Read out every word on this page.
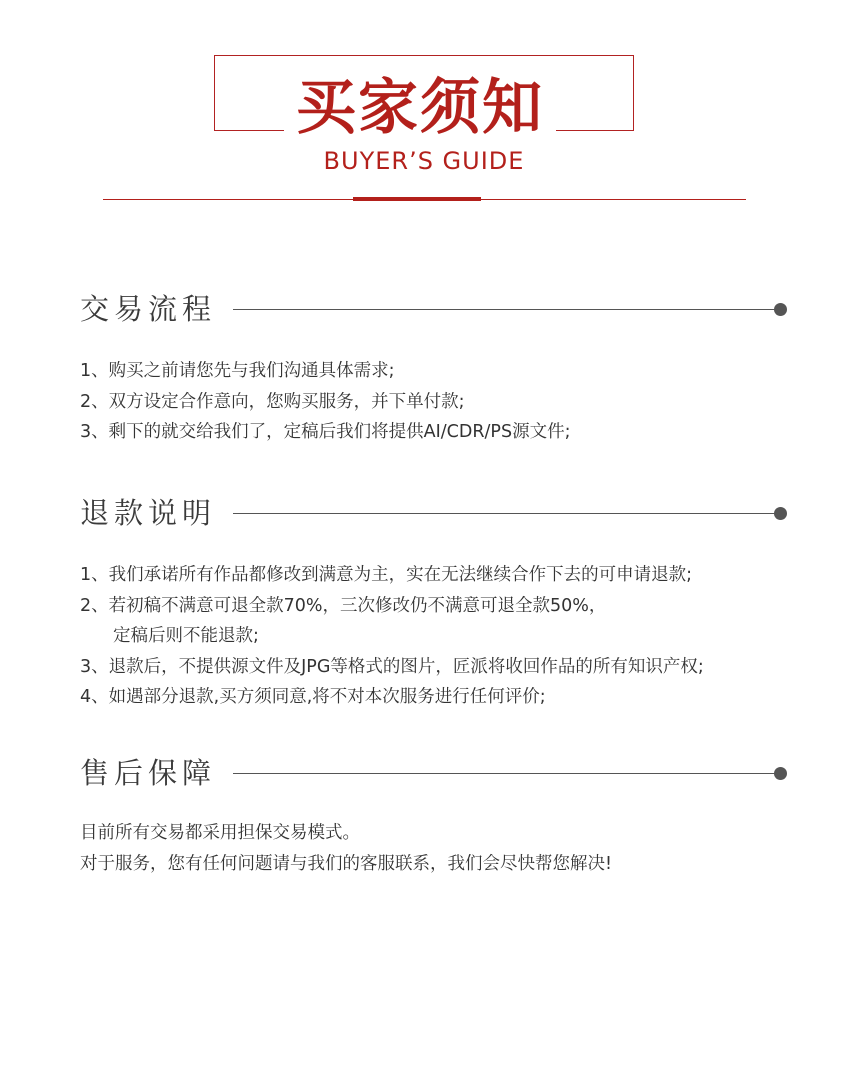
买家须知
BUYER’S GUIDE
交易流程
1、购买之前请您先与我们沟通具体需求;
2、双方设定合作意向，您购买服务，并下单付款;
3、剩下的就交给我们了，定稿后我们将提供AI/CDR/PS源文件;
退款说明
1、我们承诺所有作品都修改到满意为主，实在无法继续合作下去的可申请退款;
2、若初稿不满意可退全款70%，三次修改仍不满意可退全款50%，
定稿后则不能退款;
3、退款后，不提供源文件及JPG等格式的图片，匠派将收回作品的所有知识产权;
4、如遇部分退款,买方须同意,将不对本次服务进行任何评价;
售后保障
目前所有交易都采用担保交易模式。
对于服务，您有任何问题请与我们的客服联系，我们会尽快帮您解决!
